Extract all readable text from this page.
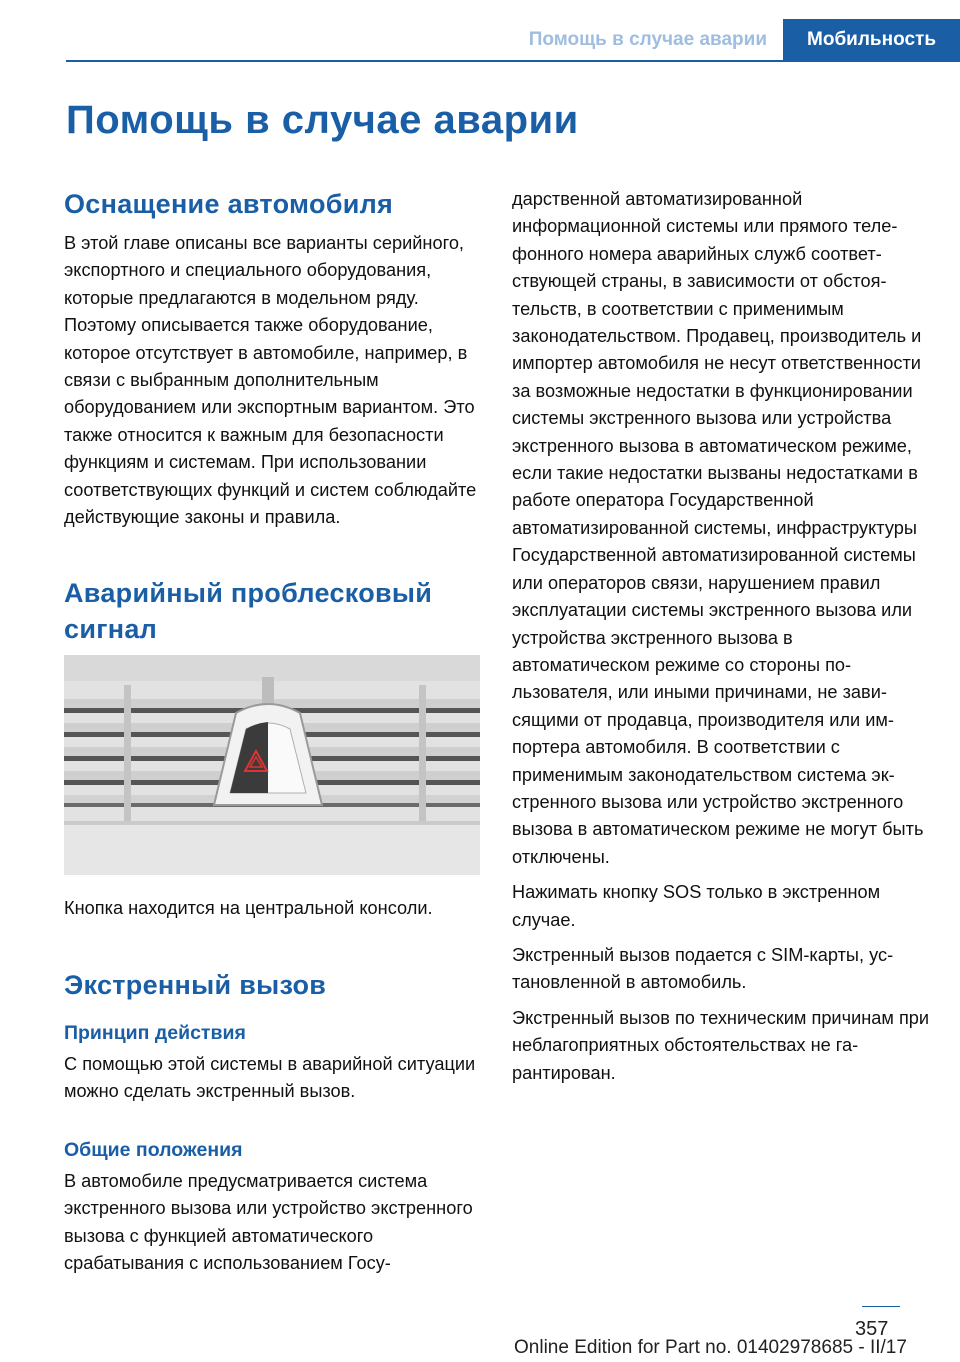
Помощь в случае аварии	Мобильность
Помощь в случае аварии
Оснащение автомобиля

В этой главе описаны все варианты серийного, экспортного и специального оборудования, которые предлагаются в модельном ряду. Поэтому описывается также оборудование, которое отсутствует в автомобиле, например, в связи с выбранным дополнительным оборудованием или экспортным вариантом. Это также относится к важным для безопасности функциям и системам. При использовании соответствующих функций и систем соблюдайте действующие законы и правила.

Аварийный проблесковый сигнал

Кнопка находится на центральной консоли.

Экстренный вызов
Принцип действия

С помощью этой системы в аварийной ситуации можно сделать экстренный вызов.

Общие положения

В автомобиле предусматривается система экстренного вызова или устройство экстренного вызова с функцией автоматического срабатывания с использованием Госу-

дарственной автоматизированной информационной системы или прямого телефонного номера аварийных служб соответствующей страны, в зависимости от обстоятельств, в соответствии с применимым законодательством. Продавец, производитель и импортер автомобиля не несут ответственности за возможные недостатки в функционировании системы экстренного вызова или устройства экстренного вызова в автоматическом режиме, если такие недостатки вызваны недостатками в работе оператора Государственной автоматизированной системы, инфраструктуры Государственной автоматизированной системы или операторов связи, нарушением правил эксплуатации системы экстренного вызова или устройства экстренного вызова в автоматическом режиме со стороны пользователя, или иными причинами, не зависящими от продавца, производителя или импортера автомобиля. В соответствии с применимым законодательством система экстренного вызова или устройство экстренного вызова в автоматическом режиме не могут быть отключены.

Нажимать кнопку SOS только в экстренном случае.

Экстренный вызов подается с SIM-карты, установленной в автомобиль.

Экстренный вызов по техническим причинам при неблагоприятных обстоятельствах не гарантирован.

357
Online Edition for Part no. 01402978685 - II/17
